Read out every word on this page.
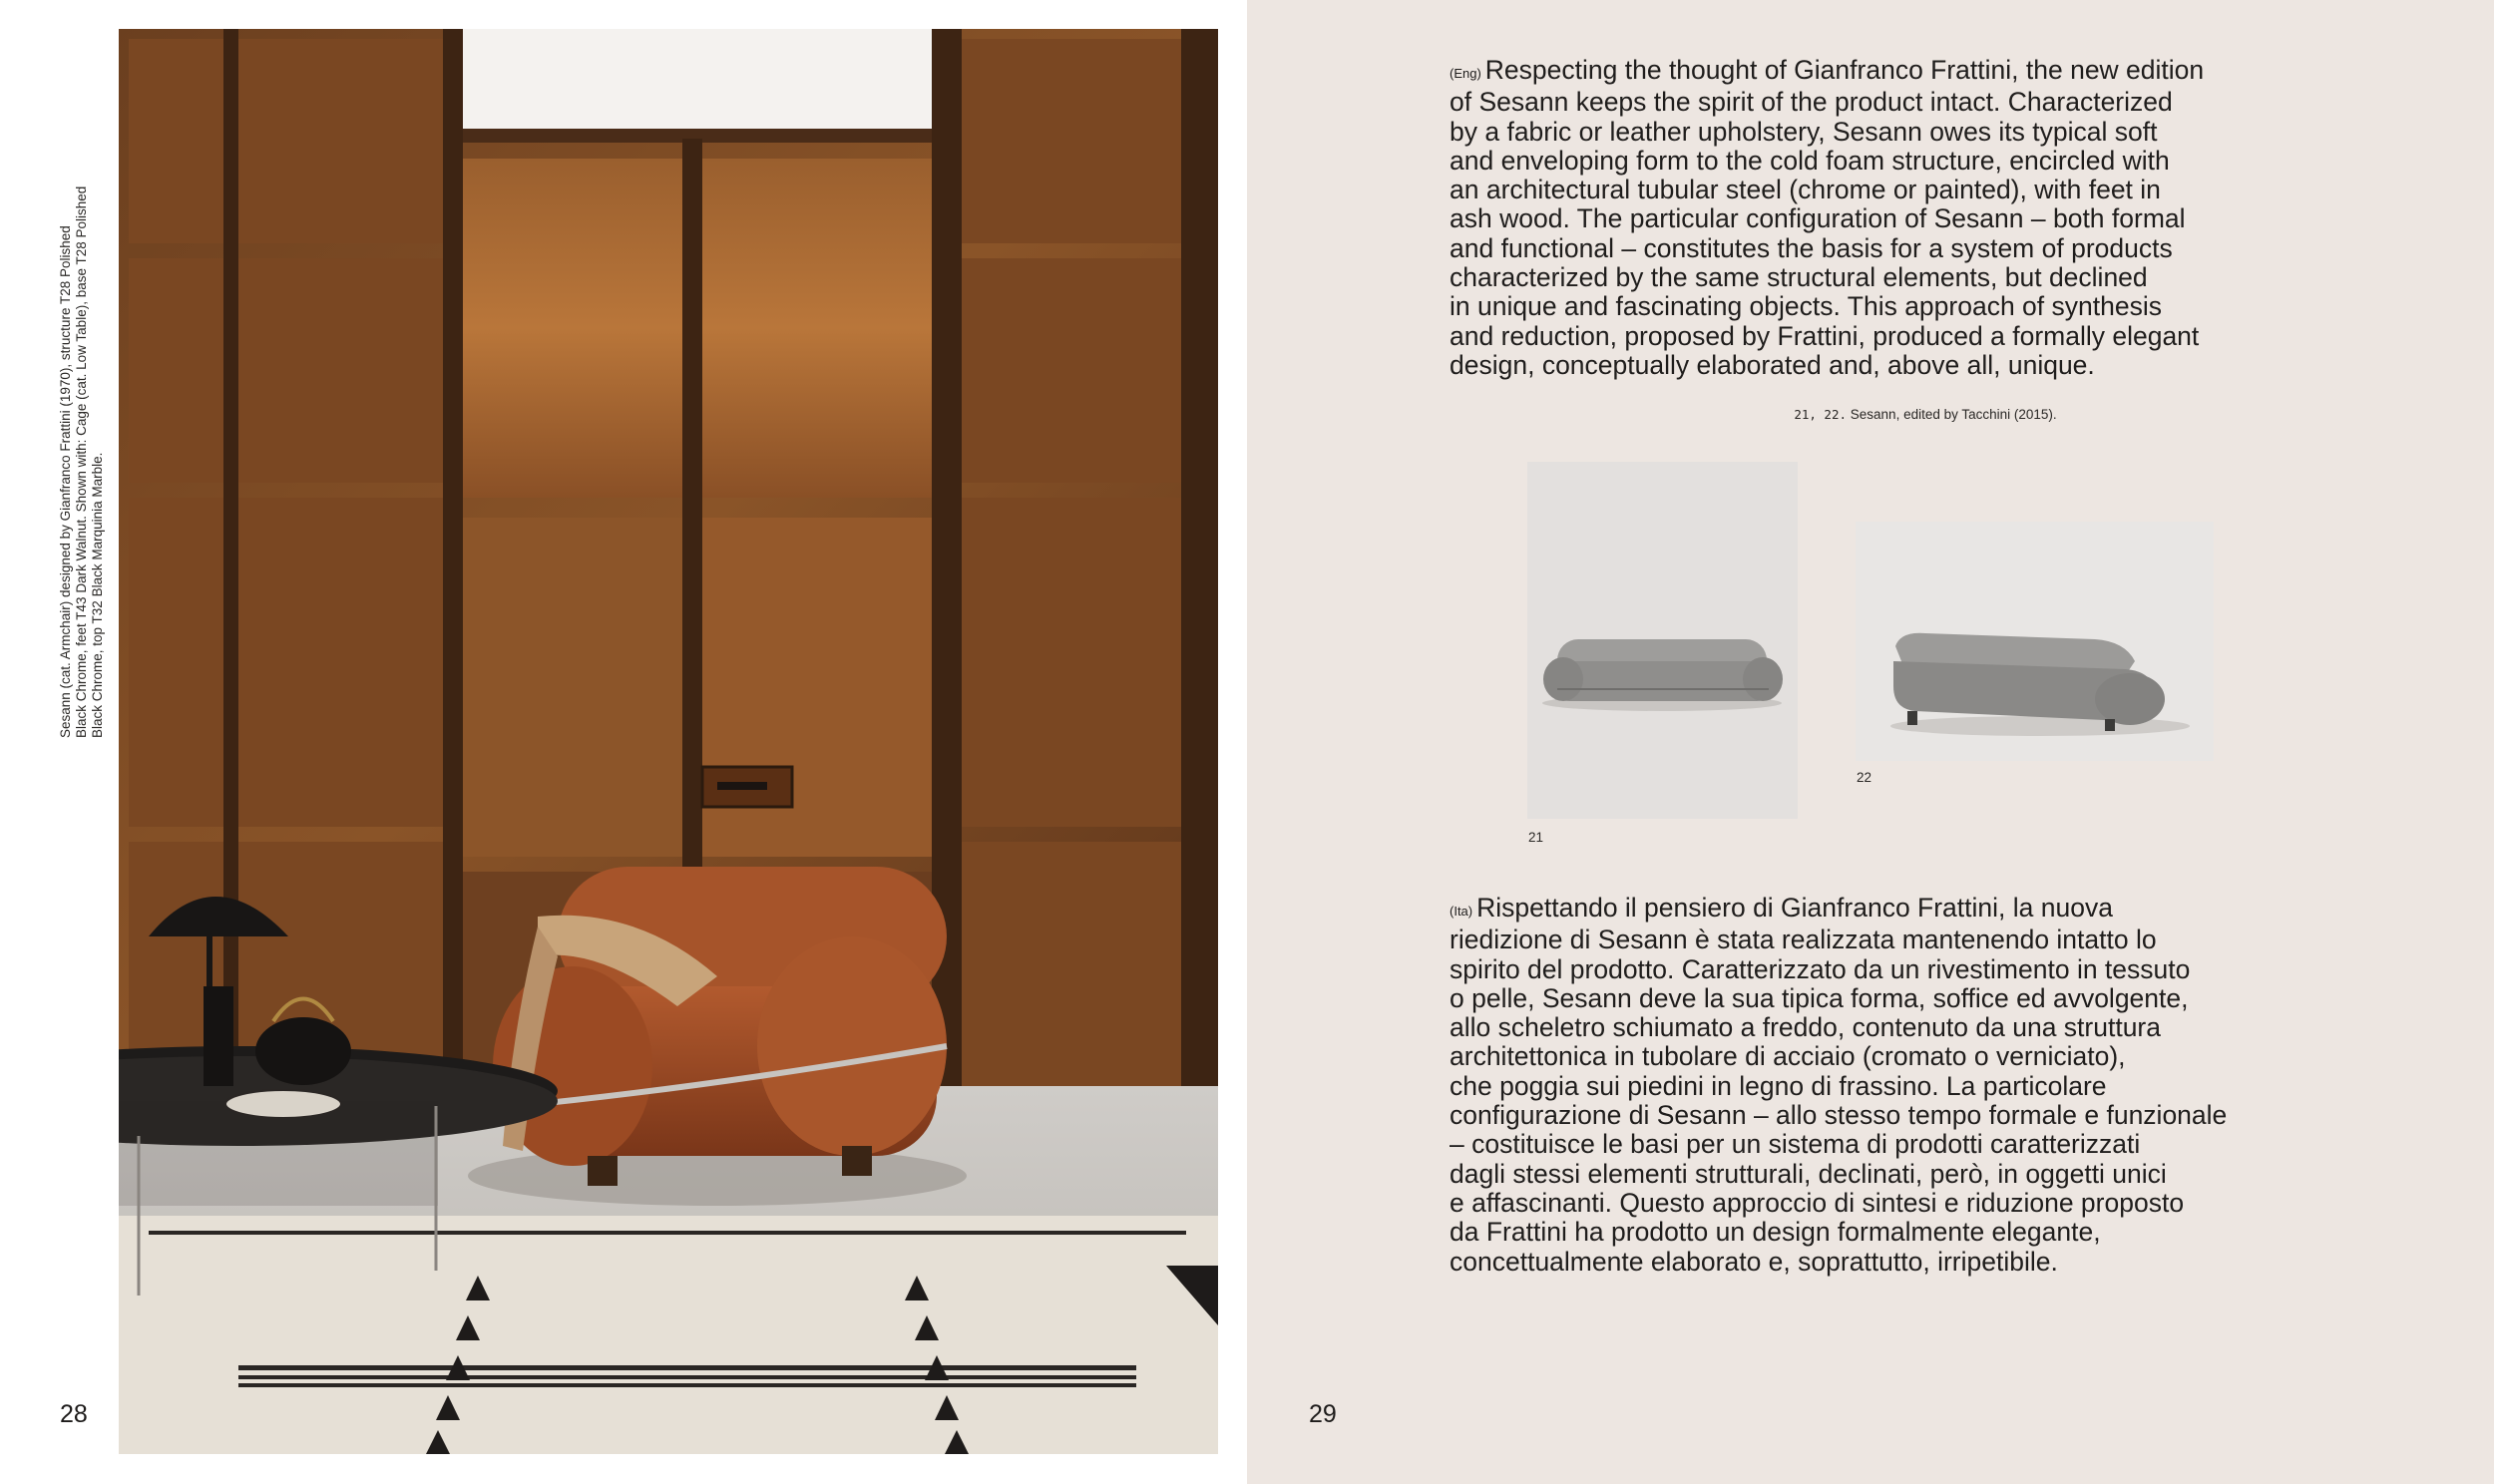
Sesann (cat. Armchair) designed by Gianfranco Frattini (1970), structure T28 Polished Black Chrome, feet T43 Dark Walnut. Shown with: Cage (cat. Low Table), base T28 Polished Black Chrome, top T32 Black Marquinia Marble.
28
(Eng) Respecting the thought of Gianfranco Frattini, the new edition
of Sesann keeps the spirit of the product intact. Characterized
by a fabric or leather upholstery, Sesann owes its typical soft
and enveloping form to the cold foam structure, encircled with
an architectural tubular steel (chrome or painted), with feet in
ash wood. The particular configuration of Sesann – both formal
and functional – constitutes the basis for a system of products
characterized by the same structural elements, but declined
in unique and fascinating objects. This approach of synthesis
and reduction, proposed by Frattini, produced a formally elegant
design, conceptually elaborated and, above all, unique.
21, 22. Sesann, edited by Tacchini (2015).
21
22
(Ita) Rispettando il pensiero di Gianfranco Frattini, la nuova
riedizione di Sesann è stata realizzata mantenendo intatto lo
spirito del prodotto. Caratterizzato da un rivestimento in tessuto
o pelle, Sesann deve la sua tipica forma, soffice ed avvolgente,
allo scheletro schiumato a freddo, contenuto da una struttura
architettonica in tubolare di acciaio (cromato o verniciato),
che poggia sui piedini in legno di frassino. La particolare
configurazione di Sesann – allo stesso tempo formale e funzionale
– costituisce le basi per un sistema di prodotti caratterizzati
dagli stessi elementi strutturali, declinati, però, in oggetti unici
e affascinanti. Questo approccio di sintesi e riduzione proposto
da Frattini ha prodotto un design formalmente elegante,
concettualmente elaborato e, soprattutto, irripetibile.
29
